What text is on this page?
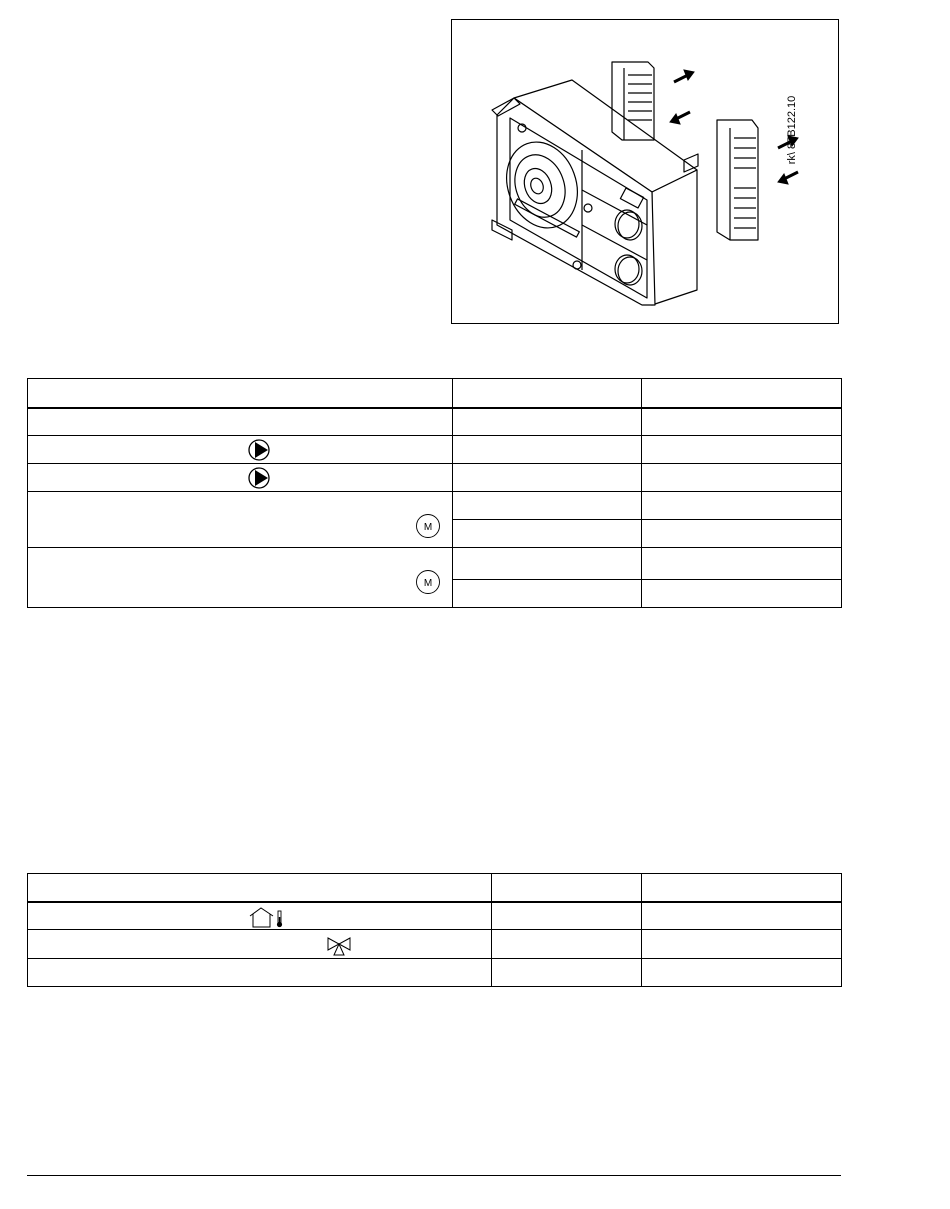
rk\ 87B122.10

M		

M		
